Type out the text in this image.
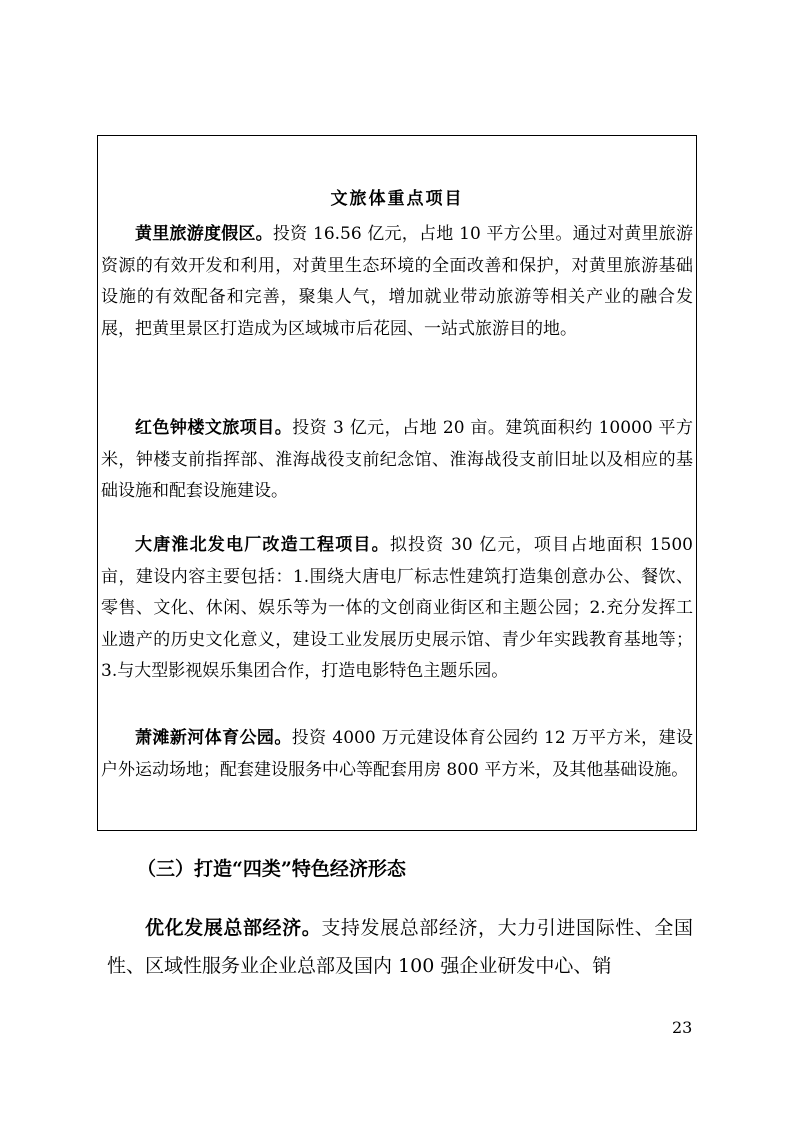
文旅体重点项目

黄里旅游度假区。投资 16.56 亿元，占地 10 平方公里。通过对黄里旅游资源的有效开发和利用，对黄里生态环境的全面改善和保护，对黄里旅游基础设施的有效配备和完善，聚集人气，增加就业带动旅游等相关产业的融合发展，把黄里景区打造成为区域城市后花园、一站式旅游目的地。

红色钟楼文旅项目。投资 3 亿元，占地 20 亩。建筑面积约 10000 平方米，钟楼支前指挥部、淮海战役支前纪念馆、淮海战役支前旧址以及相应的基础设施和配套设施建设。

大唐淮北发电厂改造工程项目。拟投资 30 亿元，项目占地面积 1500 亩，建设内容主要包括：1.围绕大唐电厂标志性建筑打造集创意办公、餐饮、零售、文化、休闲、娱乐等为一体的文创商业街区和主题公园；2.充分发挥工业遗产的历史文化意义，建设工业发展历史展示馆、青少年实践教育基地等；3.与大型影视娱乐集团合作，打造电影特色主题乐园。

萧滩新河体育公园。投资 4000 万元建设体育公园约 12 万平方米，建设户外运动场地；配套建设服务中心等配套用房 800 平方米，及其他基础设施。

（三）打造“四类”特色经济形态

优化发展总部经济。支持发展总部经济，大力引进国际性、全国性、区域性服务业企业总部及国内 100 强企业研发中心、销

23
